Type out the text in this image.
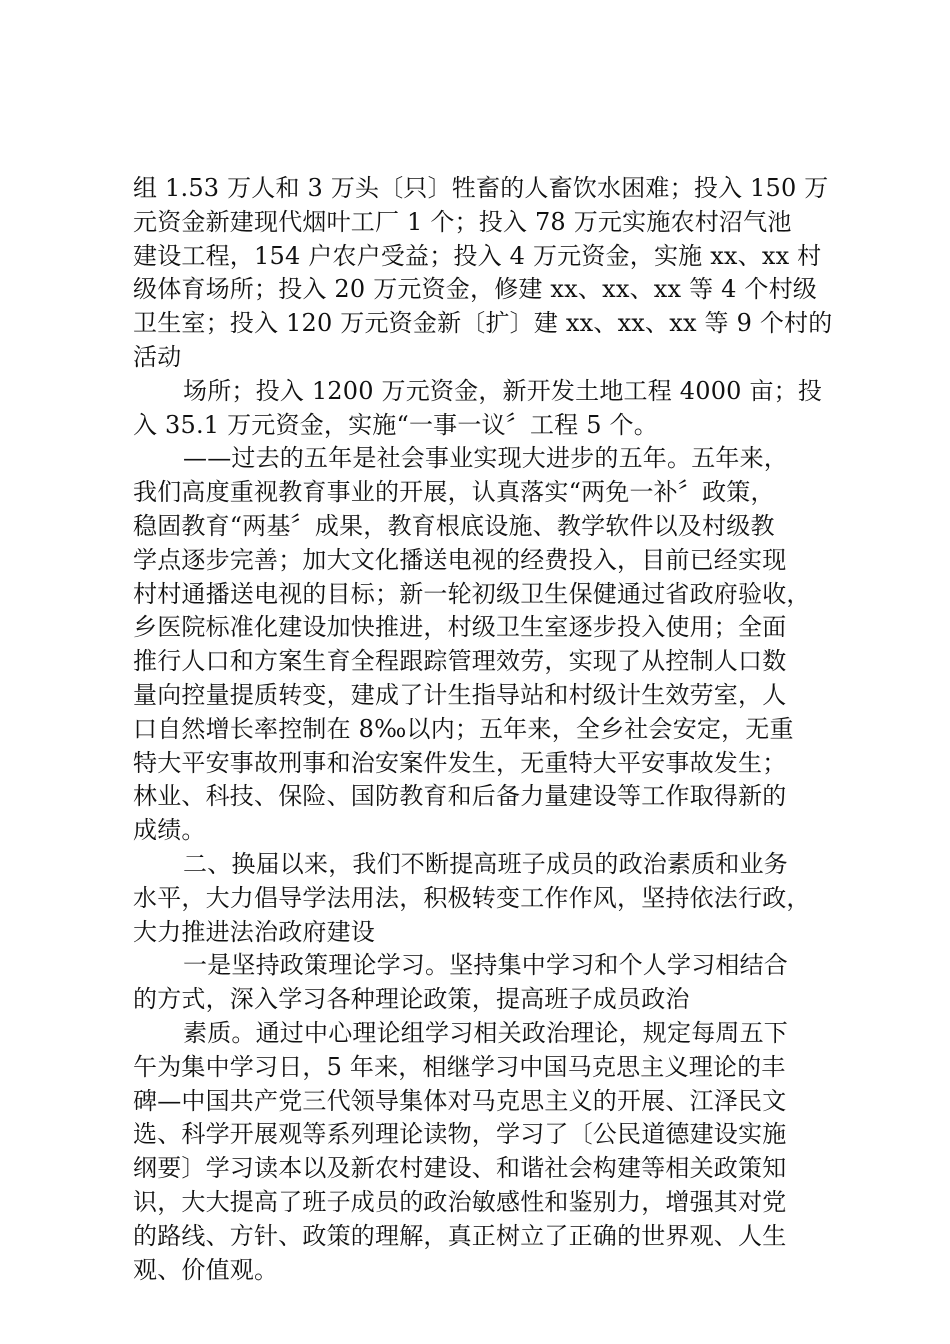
组 1.53 万人和 3 万头〔只〕牲畜的人畜饮水困难；投入 150 万
元资金新建现代烟叶工厂 1 个；投入 78 万元实施农村沼气池
建设工程，154 户农户受益；投入 4 万元资金，实施 xx、xx 村
级体育场所；投入 20 万元资金，修建 xx、xx、xx 等 4 个村级
卫生室；投入 120 万元资金新〔扩〕建 xx、xx、xx 等 9 个村的
活动
场所；投入 1200 万元资金，新开发土地工程 4000 亩；投
入 35.1 万元资金，实施“一事一议〞工程 5 个。
——过去的五年是社会事业实现大进步的五年。五年来，
我们高度重视教育事业的开展，认真落实“两免一补〞政策，
稳固教育“两基〞成果，教育根底设施、教学软件以及村级教
学点逐步完善；加大文化播送电视的经费投入，目前已经实现
村村通播送电视的目标；新一轮初级卫生保健通过省政府验收，
乡医院标准化建设加快推进，村级卫生室逐步投入使用；全面
推行人口和方案生育全程跟踪管理效劳，实现了从控制人口数
量向控量提质转变，建成了计生指导站和村级计生效劳室，人
口自然增长率控制在 8‰以内；五年来，全乡社会安定，无重
特大平安事故刑事和治安案件发生，无重特大平安事故发生；
林业、科技、保险、国防教育和后备力量建设等工作取得新的
成绩。
二、换届以来，我们不断提高班子成员的政治素质和业务
水平，大力倡导学法用法，积极转变工作作风，坚持依法行政，
大力推进法治政府建设
一是坚持政策理论学习。坚持集中学习和个人学习相结合
的方式，深入学习各种理论政策，提高班子成员政治
素质。通过中心理论组学习相关政治理论，规定每周五下
午为集中学习日，5 年来，相继学习中国马克思主义理论的丰
碑—中国共产党三代领导集体对马克思主义的开展、江泽民文
选、科学开展观等系列理论读物，学习了〔公民道德建设实施
纲要〕学习读本以及新农村建设、和谐社会构建等相关政策知
识，大大提高了班子成员的政治敏感性和鉴别力，增强其对党
的路线、方针、政策的理解，真正树立了正确的世界观、人生
观、价值观。
